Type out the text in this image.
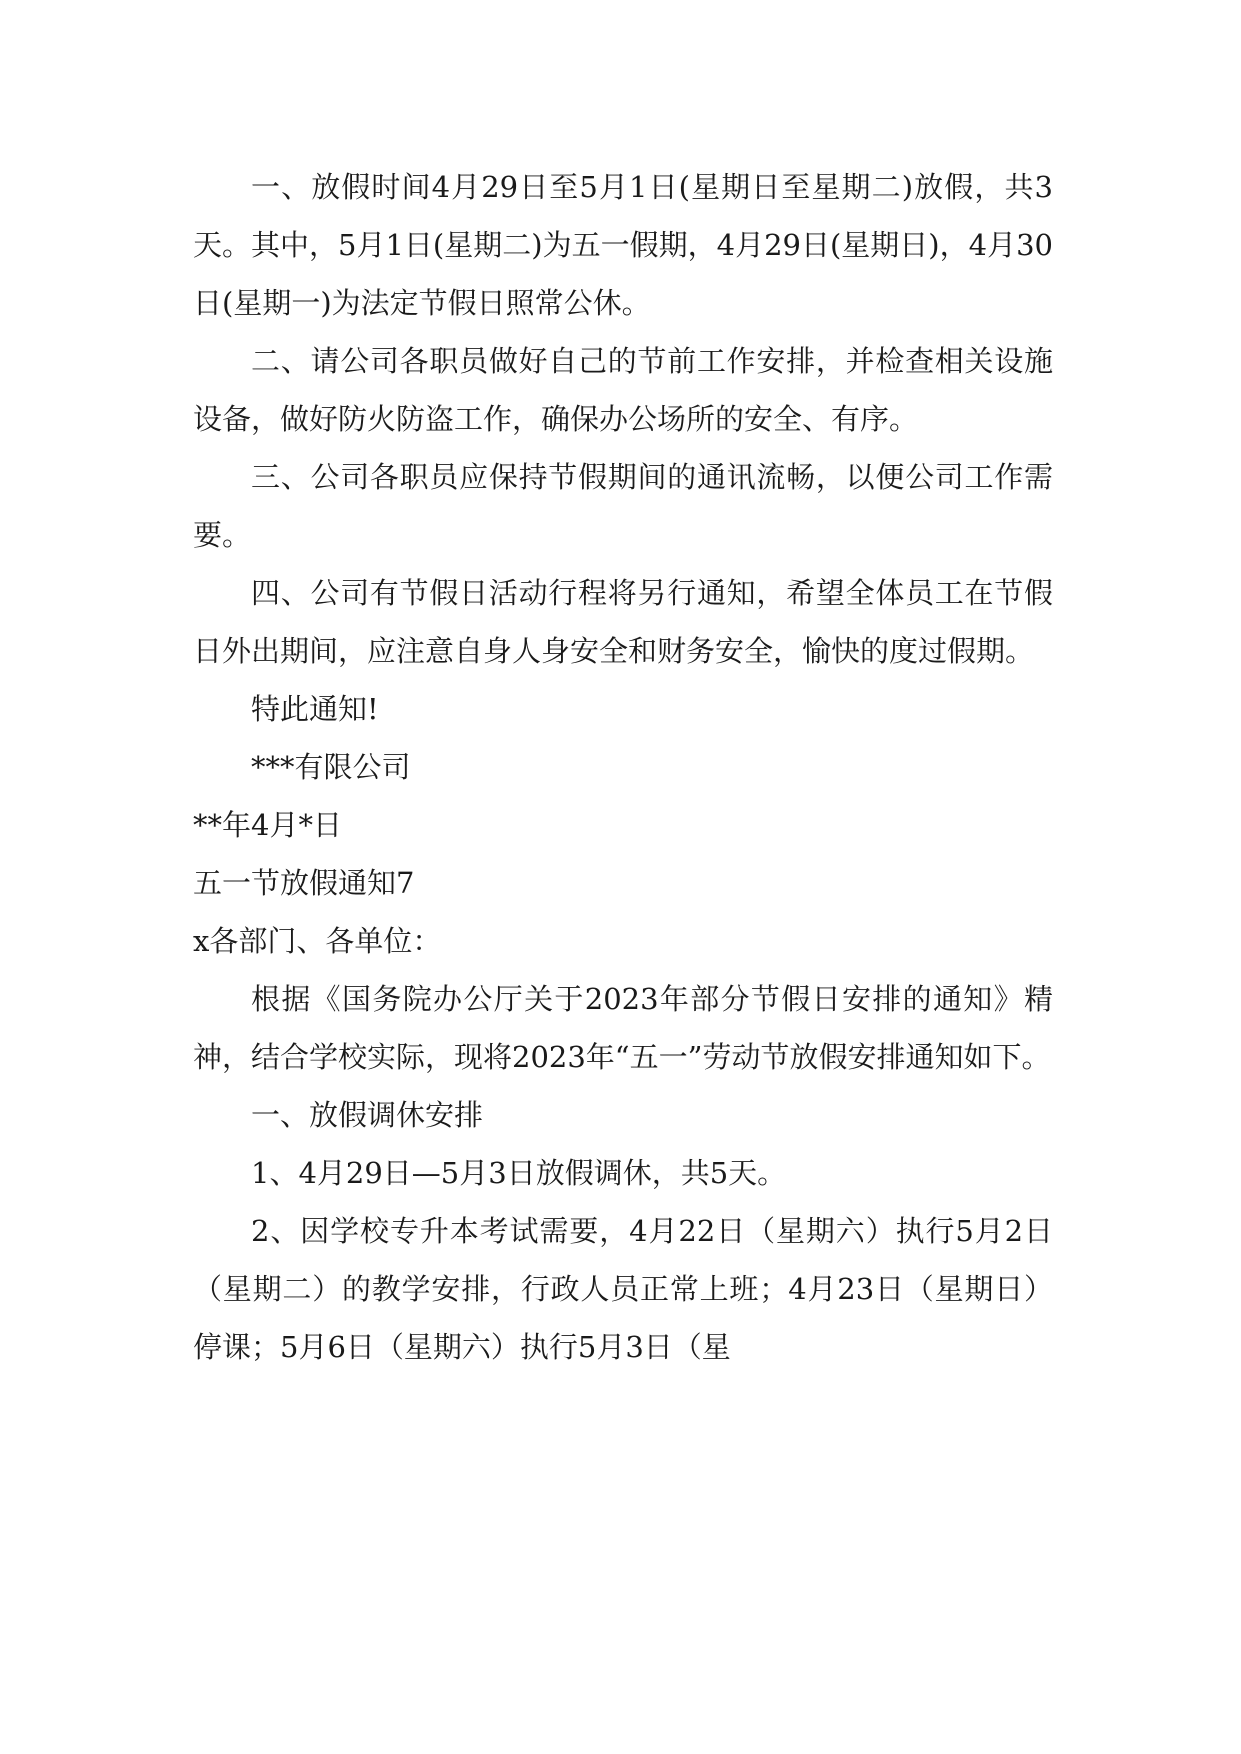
一、放假时间4月29日至5月1日(星期日至星期二)放假，共3天。其中，5月1日(星期二)为五一假期，4月29日(星期日)，4月30日(星期一)为法定节假日照常公休。

二、请公司各职员做好自己的节前工作安排，并检查相关设施设备，做好防火防盗工作，确保办公场所的安全、有序。

三、公司各职员应保持节假期间的通讯流畅，以便公司工作需要。

四、公司有节假日活动行程将另行通知，希望全体员工在节假日外出期间，应注意自身人身安全和财务安全，愉快的度过假期。

特此通知!

***有限公司

**年4月*日

五一节放假通知7

x各部门、各单位：

根据《国务院办公厅关于2023年部分节假日安排的通知》精神，结合学校实际，现将2023年“五一”劳动节放假安排通知如下。

一、放假调休安排

1、4月29日—5月3日放假调休，共5天。

2、因学校专升本考试需要，4月22日（星期六）执行5月2日（星期二）的教学安排，行政人员正常上班；4月23日（星期日）停课；5月6日（星期六）执行5月3日（星
